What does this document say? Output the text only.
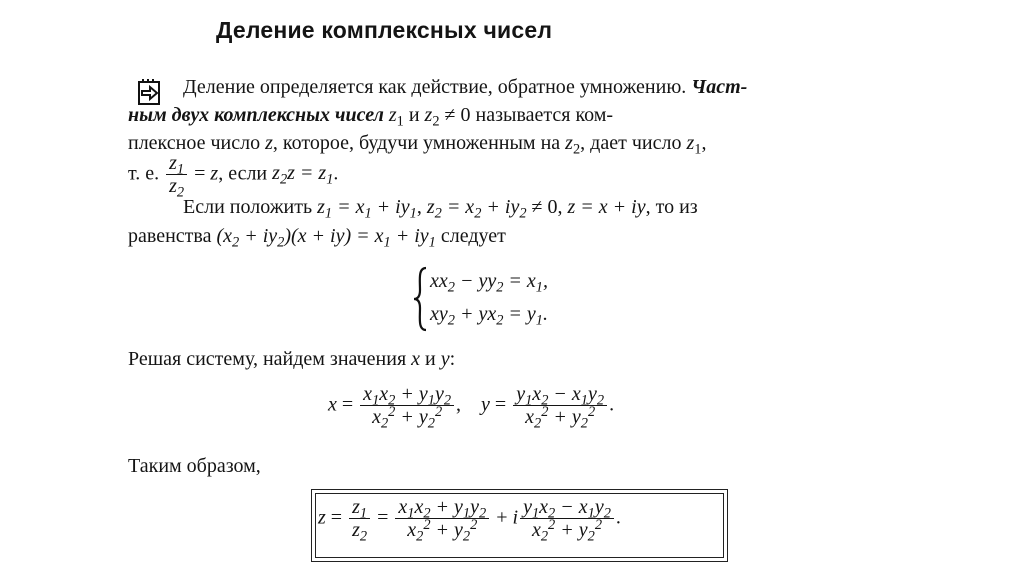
Деление комплексных чисел
Деление определяется как действие, обратное умножению. Част-
ным двух комплексных чисел $z_1$ и $z_2 \ne 0$ называется ком-
плексное число z, которое, будучи умноженным на $z_2$, дает число $z_1$,
т. е. $\frac{z_1}{z_2} = z$, если $z_2z = z_1$.
Если положить $z_1 = x_1 + iy_1$, $z_2 = x_2 + iy_2 \ne 0$, z = x + iy, то из
равенства $(x_2 + iy_2)(x + iy) = x_1 + iy_1$ следует
$xx_2 - yy_2 = x_1$,
$xy_2 + yx_2 = y_1$.
Решая систему, найдем значения x и y:
$x = \frac{x_1x_2 + y_1y_2}{x_2^2 + y_2^2}$ ,    $y = \frac{y_1x_2 - x_1y_2}{x_2^2 + y_2^2}$ .
Таким образом,
$z = \frac{z_1}{z_2} = \frac{x_1x_2 + y_1y_2}{x_2^2 + y_2^2} + i \frac{y_1x_2 - x_1y_2}{x_2^2 + y_2^2}$ .
